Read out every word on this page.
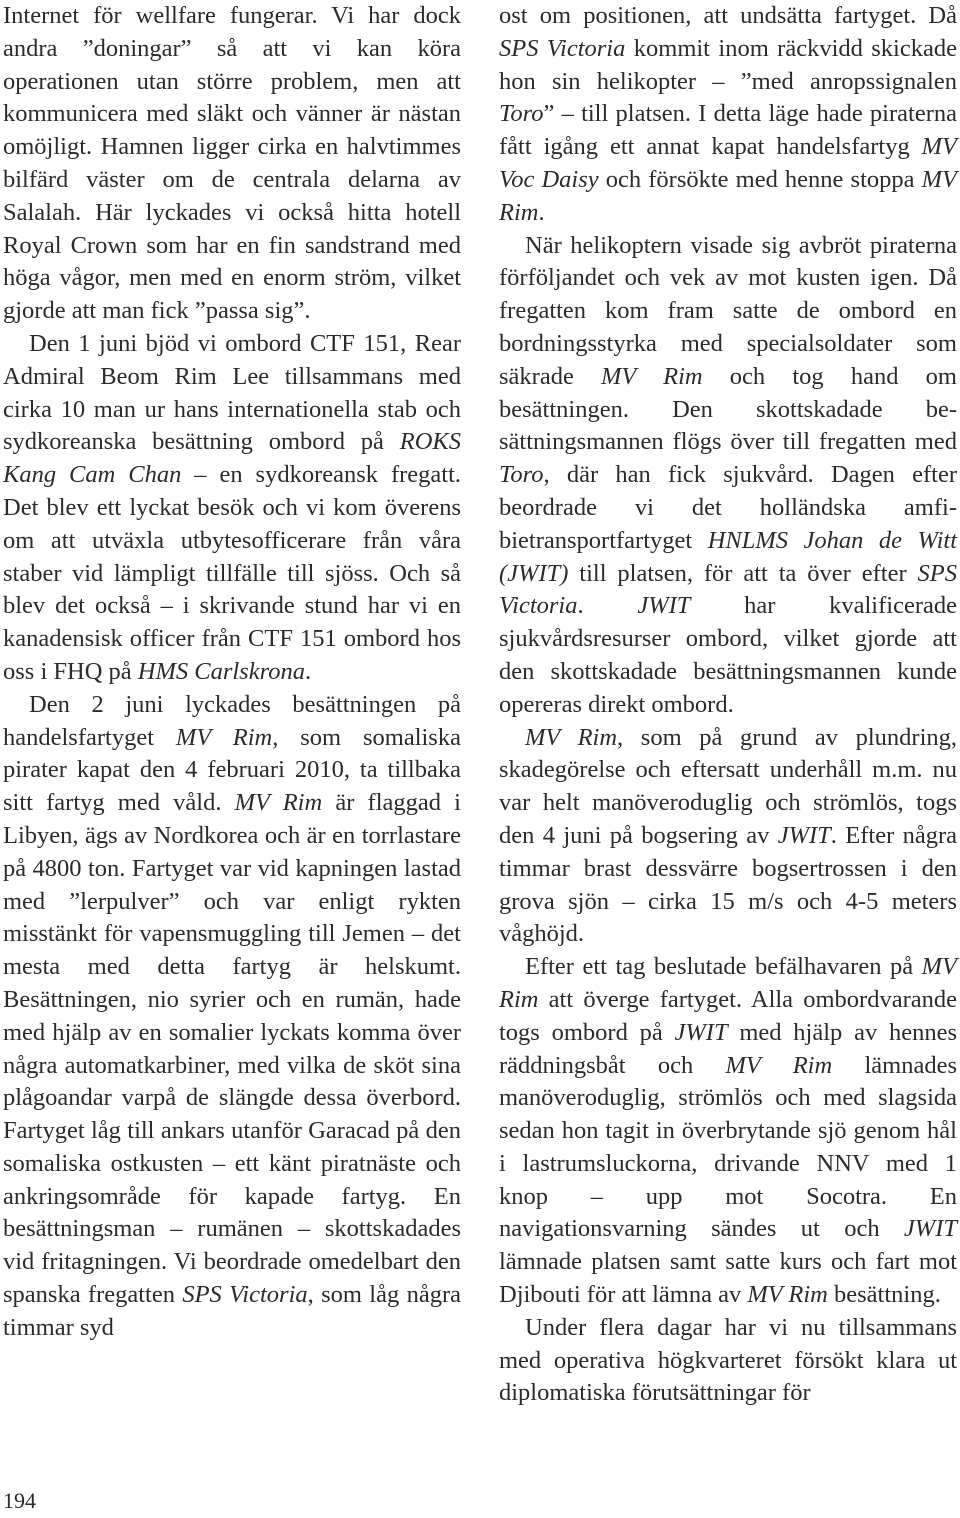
Internet för wellfare fungerar. Vi har dock andra ”doningar” så att vi kan köra operationen utan större problem, men att kommunicera med släkt och vänner är nästan omöjligt. Hamnen ligger cirka en halvtimmes bilfärd väster om de centrala delarna av Salalah. Här lyckades vi också hitta hotell Royal Crown som har en fin sandstrand med höga vågor, men med en enorm ström, vilket gjorde att man fick ”passa sig”.

Den 1 juni bjöd vi ombord CTF 151, Rear Admiral Beom Rim Lee tillsammans med cirka 10 man ur hans internationella stab och sydkoreanska besättning ombord på ROKS Kang Cam Chan – en sydkoreansk fregatt. Det blev ett lyckat besök och vi kom överens om att utväxla utbytesofficerare från våra staber vid lämpligt tillfälle till sjöss. Och så blev det också – i skrivande stund har vi en kanadensisk officer från CTF 151 ombord hos oss i FHQ på HMS Carlskrona.

Den 2 juni lyckades besättningen på handelsfartyget MV Rim, som somaliska pirater kapat den 4 februari 2010, ta tillbaka sitt fartyg med våld. MV Rim är flaggad i Libyen, ägs av Nordkorea och är en torrlastare på 4800 ton. Fartyget var vid kapningen lastad med ”lerpulver” och var enligt rykten misstänkt för vapensmuggling till Jemen – det mesta med detta fartyg är helskumt. Besättningen, nio syrier och en rumän, hade med hjälp av en somalier lyckats komma över några automatkarbiner, med vilka de sköt sina plågoandar varpå de slängde dessa överbord. Fartyget låg till ankars utanför Garacad på den somaliska ostkusten – ett känt piratnäste och ankringsområde för kapade fartyg. En besättningsman – rumänen – skottskadades vid fritagningen. Vi beordrade omedelbart den spanska fregatten SPS Victoria, som låg några timmar syd

ost om positionen, att undsätta fartyget. Då SPS Victoria kommit inom räckvidd skickade hon sin helikopter – ”med anropssignalen Toro” – till platsen. I detta läge hade piraterna fått igång ett annat kapat handelsfartyg MV Voc Daisy och försökte med henne stoppa MV Rim.

När helikoptern visade sig avbröt piraterna förföljandet och vek av mot kusten igen. Då fregatten kom fram satte de ombord en bordningsstyrka med specialsoldater som säkrade MV Rim och tog hand om besättningen. Den skottskadade besättningsmannen flögs över till fregatten med Toro, där han fick sjukvård. Dagen efter beordrade vi det holländska amfibietransportfartyget HNLMS Johan de Witt (JWIT) till platsen, för att ta över efter SPS Victoria. JWIT har kvalificerade sjukvårdsresurser ombord, vilket gjorde att den skottskadade besättningsmannen kunde opereras direkt ombord.

MV Rim, som på grund av plundring, skadegörelse och eftersatt underhåll m.m. nu var helt manöveroduglig och strömlös, togs den 4 juni på bogsering av JWIT. Efter några timmar brast dessvärre bogsertrossen i den grova sjön – cirka 15 m/s och 4-5 meters våghöjd.

Efter ett tag beslutade befälhavaren på MV Rim att överge fartyget. Alla ombordvarande togs ombord på JWIT med hjälp av hennes räddningsbåt och MV Rim lämnades manöveroduglig, strömlös och med slagsida sedan hon tagit in överbrytande sjö genom hål i lastrumsluckorna, drivande NNV med 1 knop – upp mot Socotra. En navigationsvarning sändes ut och JWIT lämnade platsen samt satte kurs och fart mot Djibouti för att lämna av MV Rim besättning.

Under flera dagar har vi nu tillsammans med operativa högkvarteret försökt klara ut diplomatiska förutsättningar för

194
